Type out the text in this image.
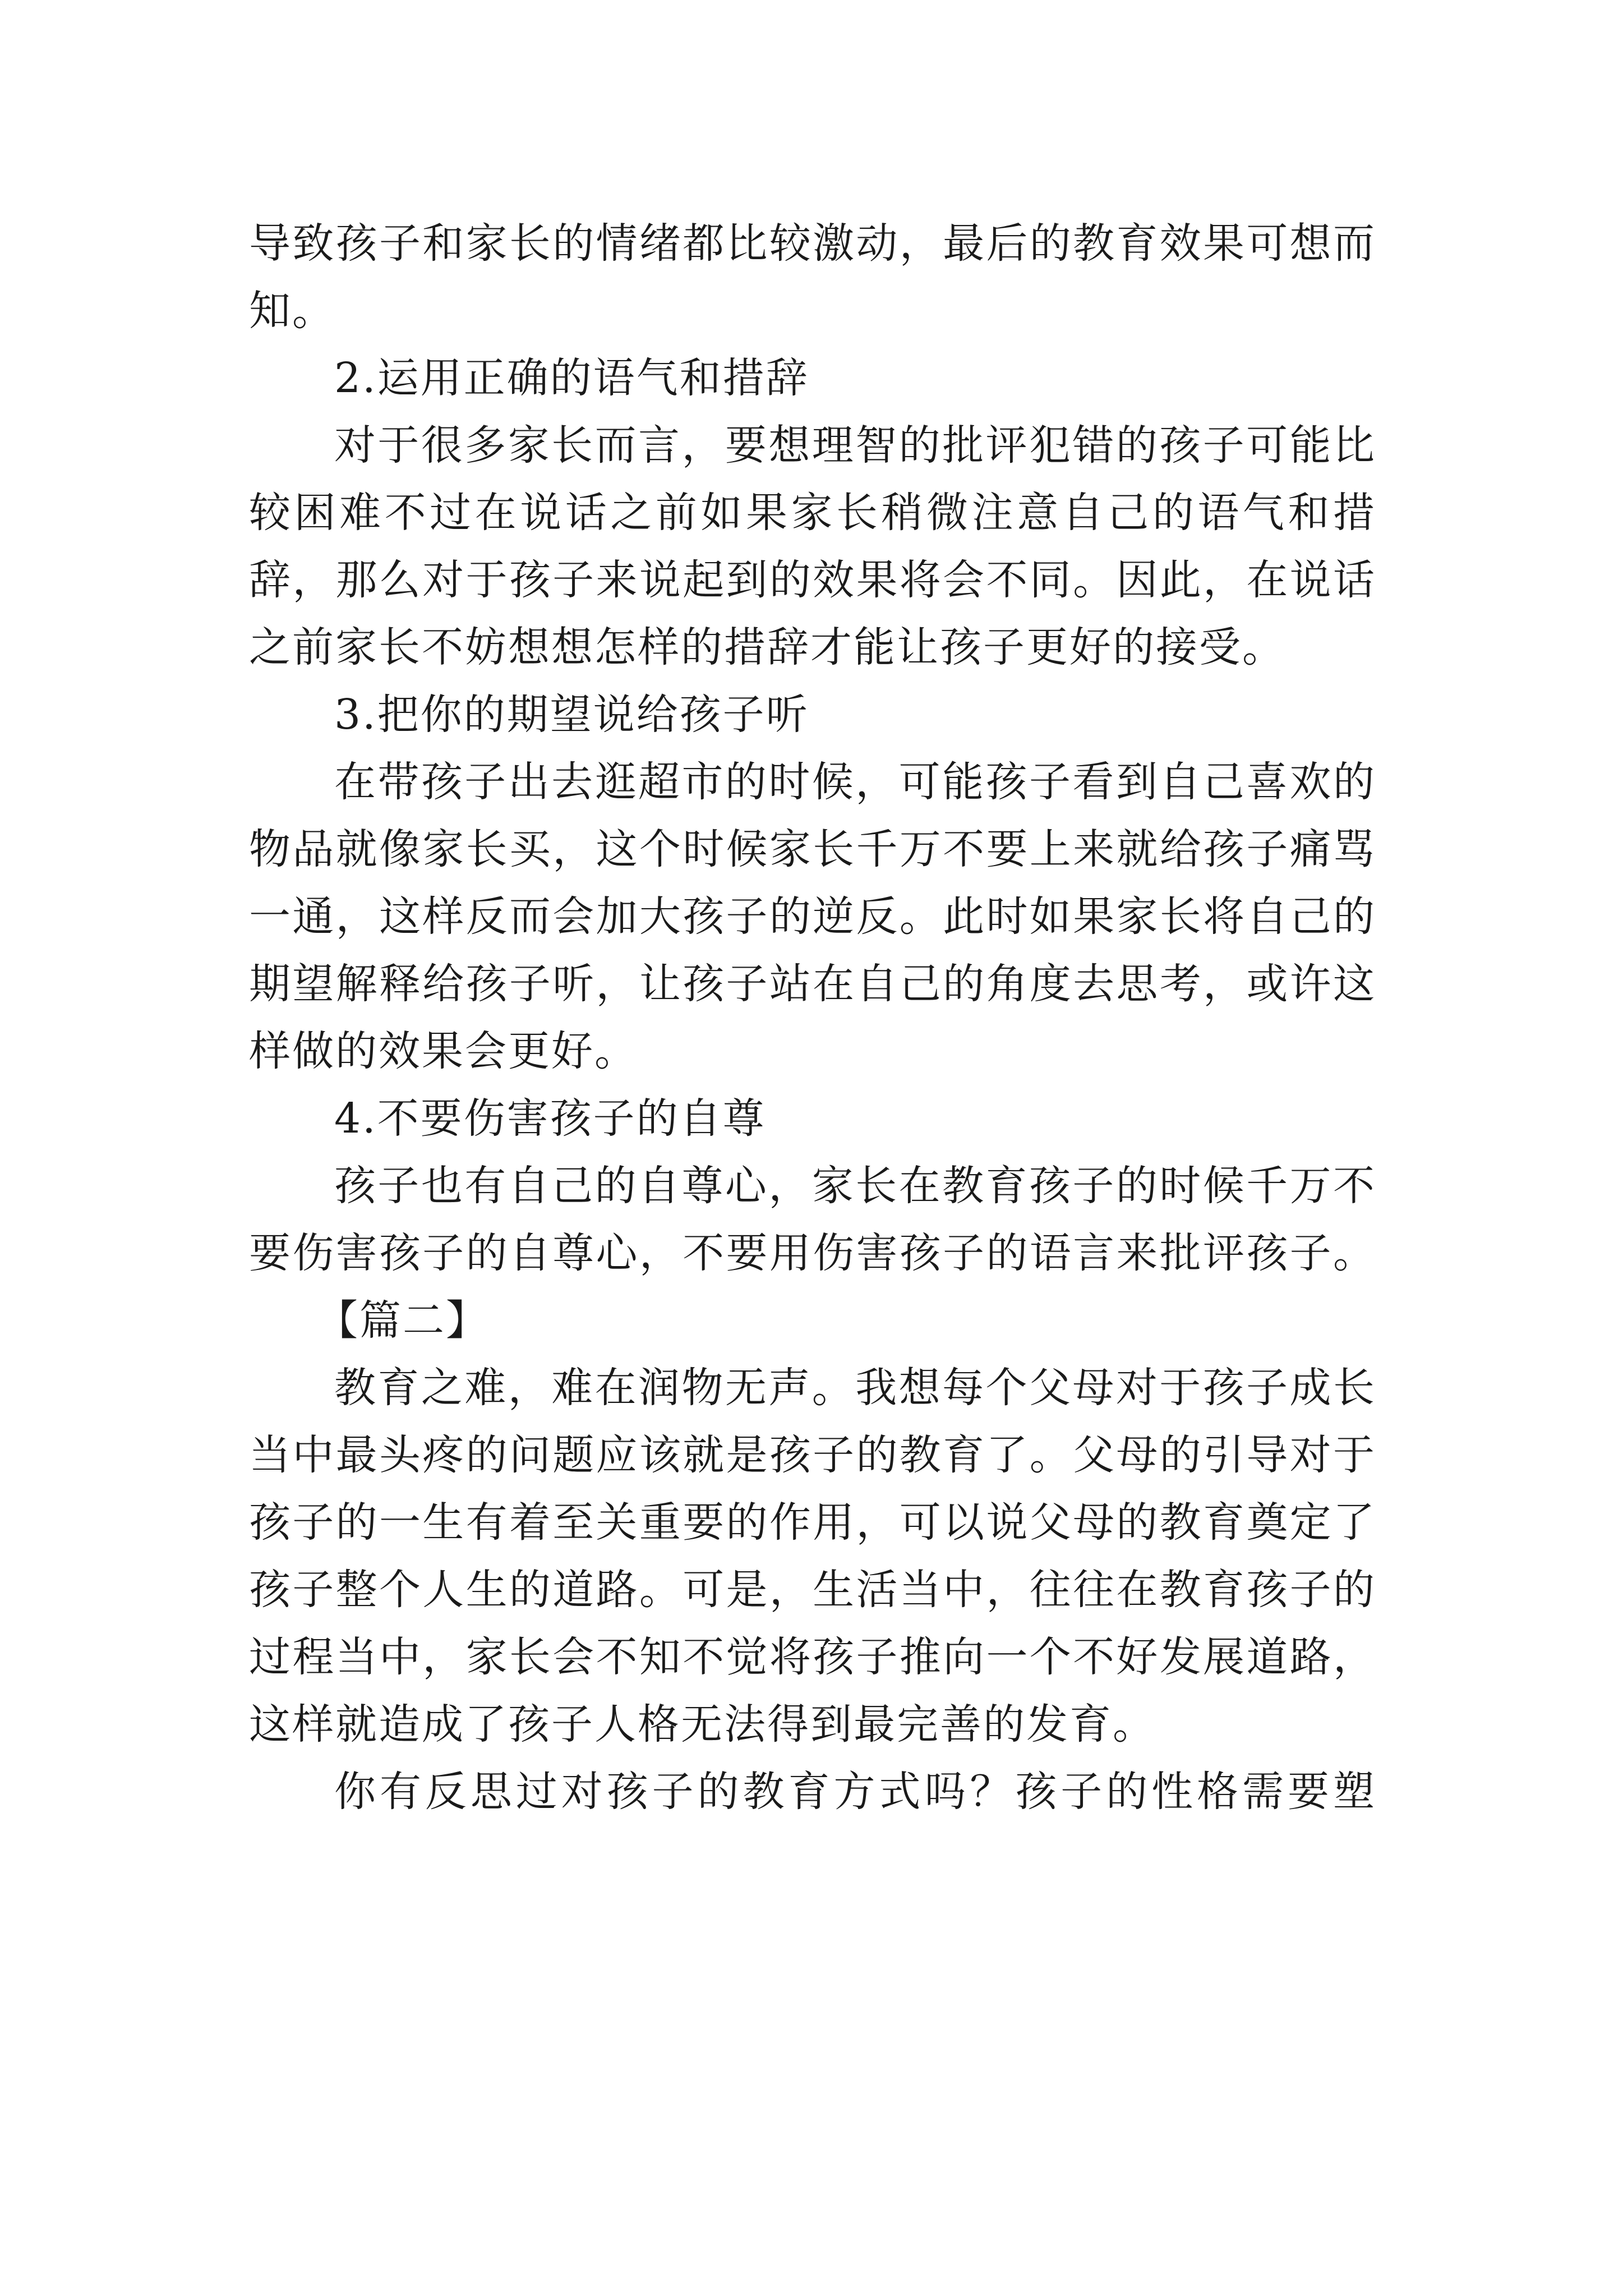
导致孩子和家长的情绪都比较激动，最后的教育效果可想而
知。
2.运用正确的语气和措辞
对于很多家长而言，要想理智的批评犯错的孩子可能比
较困难不过在说话之前如果家长稍微注意自己的语气和措
辞，那么对于孩子来说起到的效果将会不同。因此，在说话
之前家长不妨想想怎样的措辞才能让孩子更好的接受。
3.把你的期望说给孩子听
在带孩子出去逛超市的时候，可能孩子看到自己喜欢的
物品就像家长买，这个时候家长千万不要上来就给孩子痛骂
一通，这样反而会加大孩子的逆反。此时如果家长将自己的
期望解释给孩子听，让孩子站在自己的角度去思考，或许这
样做的效果会更好。
4.不要伤害孩子的自尊
孩子也有自己的自尊心，家长在教育孩子的时候千万不
要伤害孩子的自尊心，不要用伤害孩子的语言来批评孩子。
【篇二】
教育之难，难在润物无声。我想每个父母对于孩子成长
当中最头疼的问题应该就是孩子的教育了。父母的引导对于
孩子的一生有着至关重要的作用，可以说父母的教育奠定了
孩子整个人生的道路。可是，生活当中，往往在教育孩子的
过程当中，家长会不知不觉将孩子推向一个不好发展道路，
这样就造成了孩子人格无法得到最完善的发育。
你有反思过对孩子的教育方式吗？孩子的性格需要塑
